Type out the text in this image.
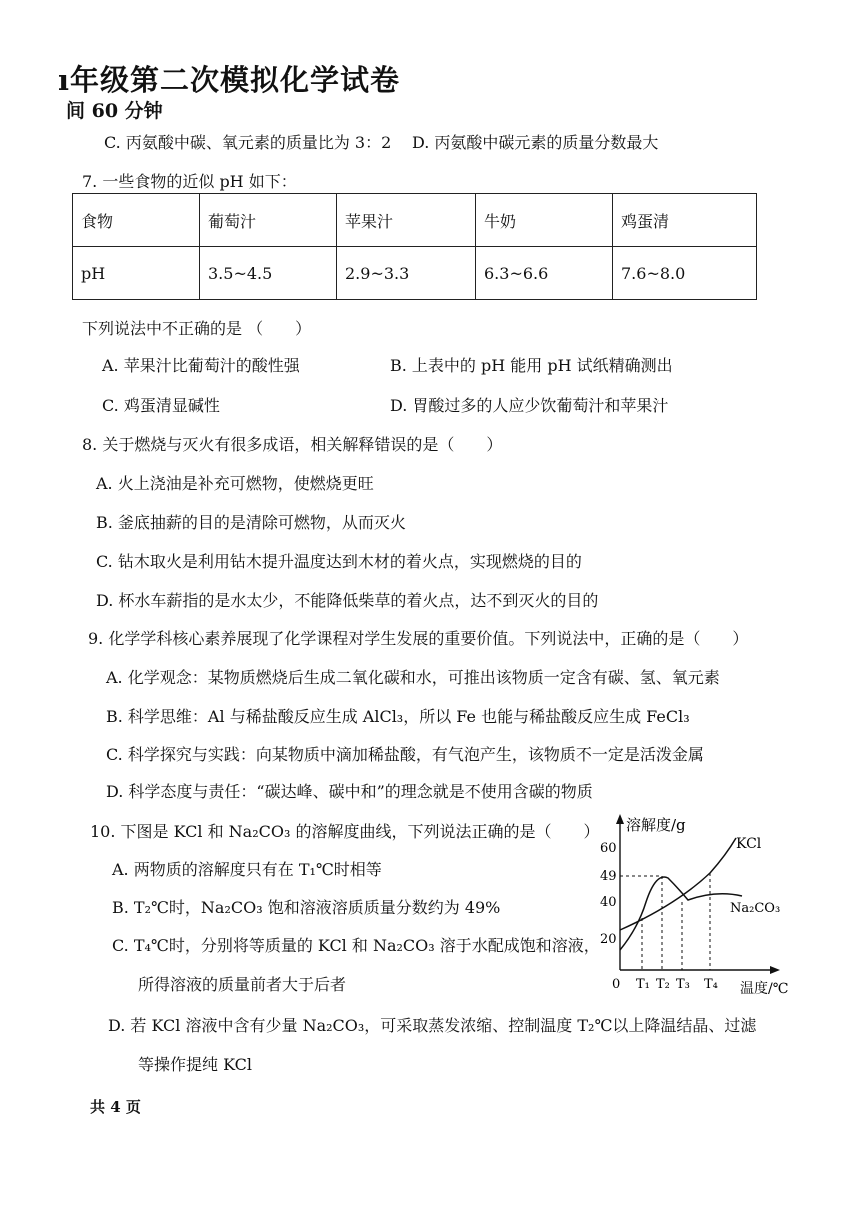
ı年级第二次模拟化学试卷
间 60 分钟
C. 丙氨酸中碳、氧元素的质量比为 3：2 D. 丙氨酸中碳元素的质量分数最大
7. 一些食物的近似 pH 如下：
食物	葡萄汁	苹果汁	牛奶	鸡蛋清
pH	3.5~4.5	2.9~3.3	6.3~6.6	7.6~8.0
下列说法中不正确的是 （　　）
A. 苹果汁比葡萄汁的酸性强	B. 上表中的 pH 能用 pH 试纸精确测出
C. 鸡蛋清显碱性	D. 胃酸过多的人应少饮葡萄汁和苹果汁
8. 关于燃烧与灭火有很多成语，相关解释错误的是（　　）
A. 火上浇油是补充可燃物，使燃烧更旺
B. 釜底抽薪的目的是清除可燃物，从而灭火
C. 钻木取火是利用钻木提升温度达到木材的着火点，实现燃烧的目的
D. 杯水车薪指的是水太少，不能降低柴草的着火点，达不到灭火的目的
9. 化学学科核心素养展现了化学课程对学生发展的重要价值。下列说法中，正确的是（　　）
A. 化学观念：某物质燃烧后生成二氧化碳和水，可推出该物质一定含有碳、氢、氧元素
B. 科学思维：Al 与稀盐酸反应生成 AlCl₃，所以 Fe 也能与稀盐酸反应生成 FeCl₃
C. 科学探究与实践：向某物质中滴加稀盐酸，有气泡产生，该物质不一定是活泼金属
D. 科学态度与责任：“碳达峰、碳中和”的理念就是不使用含碳的物质
10. 下图是 KCl 和 Na₂CO₃ 的溶解度曲线，下列说法正确的是（　　）
A. 两物质的溶解度只有在 T₁℃时相等
B. T₂℃时，Na₂CO₃ 饱和溶液溶质质量分数约为 49%
C. T₄℃时，分别将等质量的 KCl 和 Na₂CO₃ 溶于水配成饱和溶液，
所得溶液的质量前者大于后者
D. 若 KCl 溶液中含有少量 Na₂CO₃，可采取蒸发浓缩、控制温度 T₂℃以上降温结晶、过滤
等操作提纯 KCl
溶解度/g
温度/℃
0
60
49
40
20
T₁ T₂ T₃ T₄
KCl
Na₂CO₃
共 4 页
